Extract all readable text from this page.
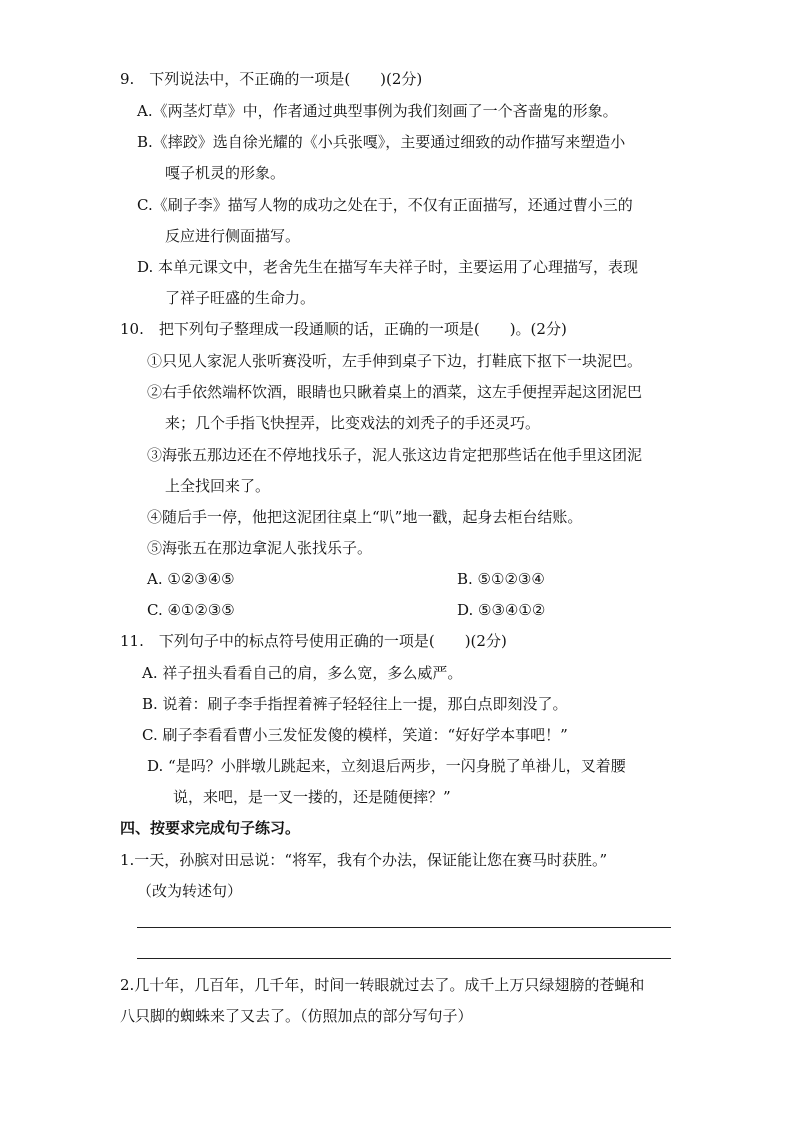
9.　下列说法中，不正确的一项是(　　)(2分)
A.《两茎灯草》中，作者通过典型事例为我们刻画了一个吝啬鬼的形象。
B.《摔跤》选自徐光耀的《小兵张嘎》，主要通过细致的动作描写来塑造小
嘎子机灵的形象。
C.《刷子李》描写人物的成功之处在于，不仅有正面描写，还通过曹小三的
反应进行侧面描写。
D. 本单元课文中，老舍先生在描写车夫祥子时，主要运用了心理描写，表现
了祥子旺盛的生命力。
10.　把下列句子整理成一段通顺的话，正确的一项是(　　)。(2分)
①只见人家泥人张听赛没听，左手伸到桌子下边，打鞋底下抠下一块泥巴。
②右手依然端杯饮酒，眼睛也只瞅着桌上的酒菜，这左手便捏弄起这团泥巴
来；几个手指飞快捏弄，比变戏法的刘秃子的手还灵巧。
③海张五那边还在不停地找乐子，泥人张这边肯定把那些话在他手里这团泥
上全找回来了。
④随后手一停，他把这泥团往桌上“叭”地一戳，起身去柜台结账。
⑤海张五在那边拿泥人张找乐子。
A. ①②③④⑤	B. ⑤①②③④
C. ④①②③⑤	D. ⑤③④①②
11.　下列句子中的标点符号使用正确的一项是(　　)(2分)
A. 祥子扭头看看自己的肩，多么宽，多么威严。
B. 说着：刷子李手指捏着裤子轻轻往上一提，那白点即刻没了。
C. 刷子李看看曹小三发怔发傻的模样，笑道：“好好学本事吧！”
D. “是吗？小胖墩儿跳起来，立刻退后两步，一闪身脱了单褂儿，叉着腰
说，来吧，是一叉一搂的，还是随便摔？”
四、按要求完成句子练习。
1.一天，孙膑对田忌说：“将军，我有个办法，保证能让您在赛马时获胜。”
（改为转述句）
2.几十年，几百年，几千年，时间一转眼就过去了。成千上万只绿翅膀的苍蝇和
八只脚的蜘蛛来了又去了。（仿照加点的部分写句子）
